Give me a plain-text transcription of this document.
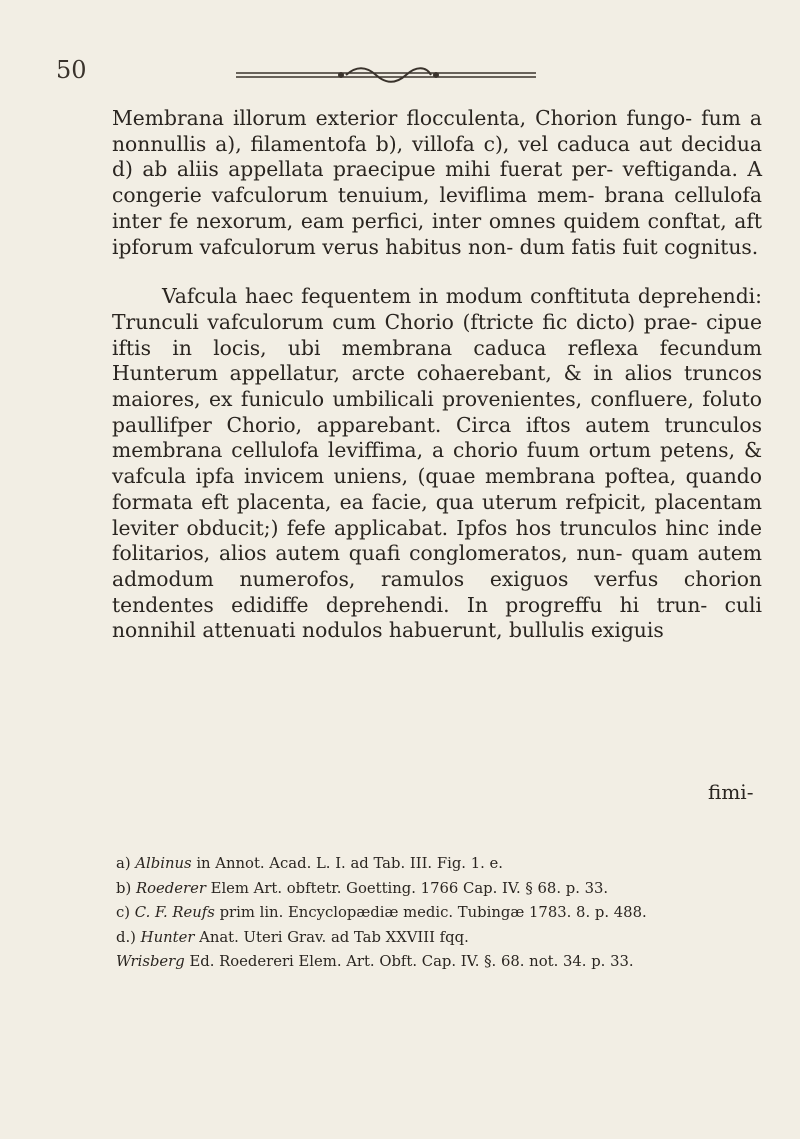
50

Membrana illorum exterior flocculenta, Chorion fungo- fum a nonnullis a), filamentofa b), villofa c), vel caduca aut decidua d) ab aliis appellata praecipue mihi fuerat per- veftiganda. A congerie vafculorum tenuium, leviflima mem- brana cellulofa inter fe nexorum, eam perfici, inter omnes quidem conftat, aft ipforum vafculorum verus habitus non- dum fatis fuit cognitus.

Vafcula haec fequentem in modum conftituta deprehendi: Trunculi vafculorum cum Chorio (ftricte fic dicto) prae- cipue iftis in locis, ubi membrana caduca reflexa fecundum Hunterum appellatur, arcte cohaerebant, & in alios truncos maiores, ex funiculo umbilicali provenientes, confluere, foluto paullifper Chorio, apparebant. Circa iftos autem trunculos membrana cellulofa leviffima, a chorio fuum ortum petens, & vafcula ipfa invicem uniens, (quae membrana poftea, quando formata eft placenta, ea facie, qua uterum refpicit, placentam leviter obducit;) fefe applicabat. Ipfos hos trunculos hinc inde folitarios, alios autem quafi conglomeratos, nun- quam autem admodum numerofos, ramulos exiguos verfus chorion tendentes edidiffe deprehendi. In progreffu hi trun- culi nonnihil attenuati nodulos habuerunt, bullulis exiguis

fimi-
a) Albinus in Annot. Acad. L. I. ad Tab. III. Fig. 1. e.
b) Roederer Elem Art. obftetr. Goetting. 1766 Cap. IV. § 68. p. 33.
c) C. F. Reufs prim lin. Encyclopædiæ medic. Tubingæ 1783. 8. p. 488.
d.) Hunter Anat. Uteri Grav. ad Tab XXVIII fqq.
Wrisberg Ed. Roedereri Elem. Art. Obft. Cap. IV. §. 68. not. 34. p. 33.
